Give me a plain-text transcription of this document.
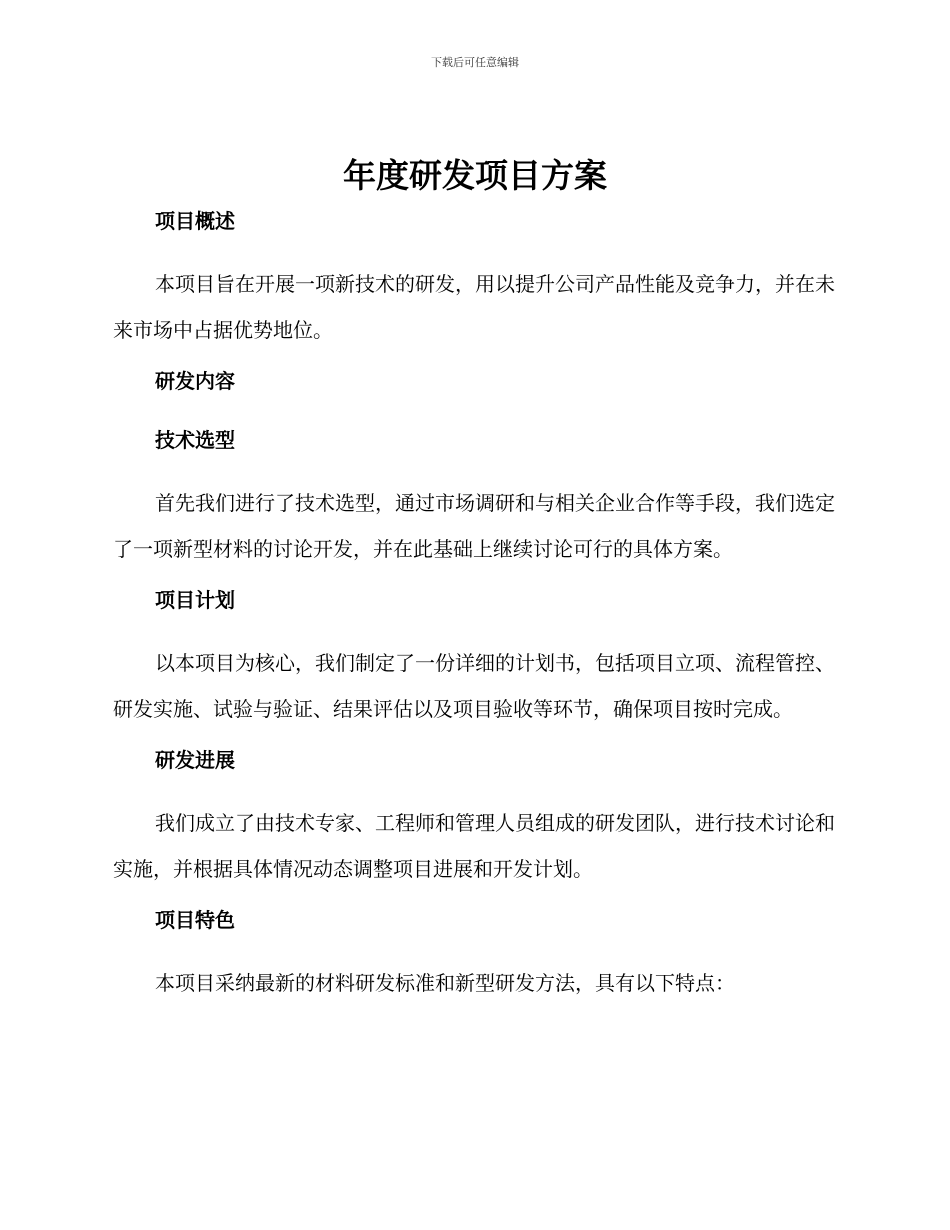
下载后可任意编辑
年度研发项目方案
项目概述

本项目旨在开展一项新技术的研发，用以提升公司产品性能及竞争力，并在未来市场中占据优势地位。

研发内容
技术选型

首先我们进行了技术选型，通过市场调研和与相关企业合作等手段，我们选定了一项新型材料的讨论开发，并在此基础上继续讨论可行的具体方案。

项目计划

以本项目为核心，我们制定了一份详细的计划书，包括项目立项、流程管控、研发实施、试验与验证、结果评估以及项目验收等环节，确保项目按时完成。

研发进展

我们成立了由技术专家、工程师和管理人员组成的研发团队，进行技术讨论和实施，并根据具体情况动态调整项目进展和开发计划。

项目特色

本项目采纳最新的材料研发标准和新型研发方法，具有以下特点：
